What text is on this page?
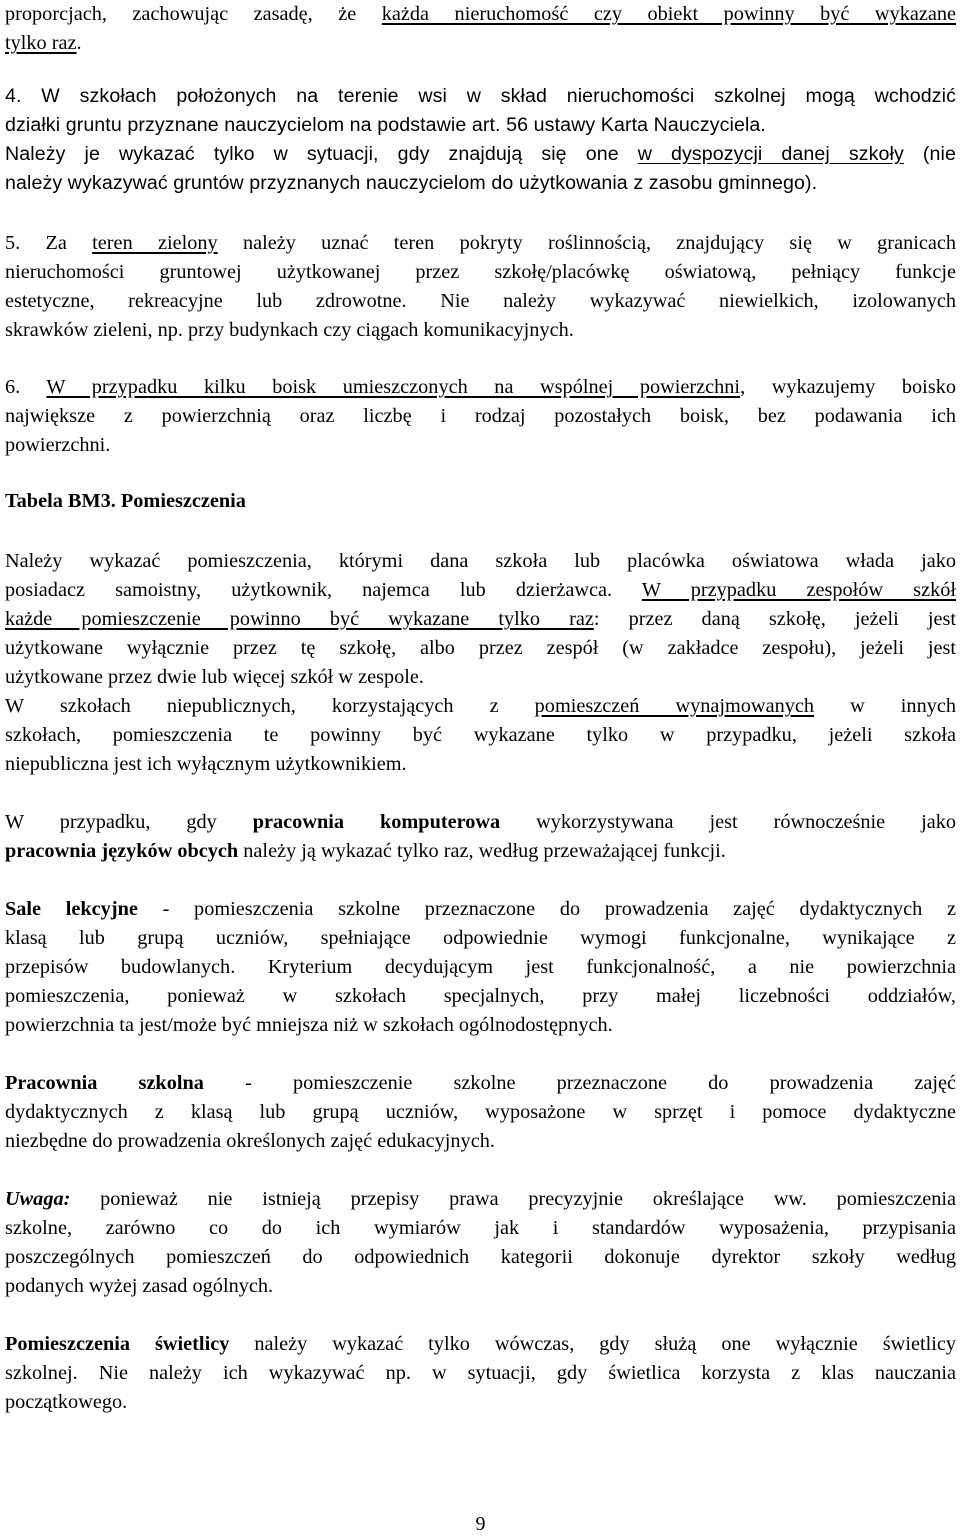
proporcjach, zachowując zasadę, że każda nieruchomość czy obiekt powinny być wykazane
tylko raz.
4. W szkołach położonych na terenie wsi w skład nieruchomości szkolnej mogą wchodzić
działki gruntu przyznane nauczycielom na podstawie art. 56 ustawy Karta Nauczyciela.
Należy je wykazać tylko w sytuacji, gdy znajdują się one w dyspozycji danej szkoły (nie
należy wykazywać gruntów przyznanych nauczycielom do użytkowania z zasobu gminnego).
5. Za teren zielony należy uznać teren pokryty roślinnością, znajdujący się w granicach
nieruchomości gruntowej użytkowanej przez szkołę/placówkę oświatową, pełniący funkcje
estetyczne, rekreacyjne lub zdrowotne. Nie należy wykazywać niewielkich, izolowanych
skrawków zieleni, np. przy budynkach czy ciągach komunikacyjnych.
6. W przypadku kilku boisk umieszczonych na wspólnej powierzchni, wykazujemy boisko
największe z powierzchnią oraz liczbę i rodzaj pozostałych boisk, bez podawania ich
powierzchni.
Tabela BM3. Pomieszczenia
Należy wykazać pomieszczenia, którymi dana szkoła lub placówka oświatowa włada jako
posiadacz samoistny, użytkownik, najemca lub dzierżawca. W przypadku zespołów szkół
każde pomieszczenie powinno być wykazane tylko raz: przez daną szkołę, jeżeli jest
użytkowane wyłącznie przez tę szkołę, albo przez zespół (w zakładce zespołu), jeżeli jest
użytkowane przez dwie lub więcej szkół w zespole.
W szkołach niepublicznych, korzystających z pomieszczeń wynajmowanych w innych
szkołach, pomieszczenia te powinny być wykazane tylko w przypadku, jeżeli szkoła
niepubliczna jest ich wyłącznym użytkownikiem.
W przypadku, gdy pracownia komputerowa wykorzystywana jest równocześnie jako
pracownia języków obcych należy ją wykazać tylko raz, według przeważającej funkcji.
Sale lekcyjne - pomieszczenia szkolne przeznaczone do prowadzenia zajęć dydaktycznych z
klasą lub grupą uczniów, spełniające odpowiednie wymogi funkcjonalne, wynikające z
przepisów budowlanych. Kryterium decydującym jest funkcjonalność, a nie powierzchnia
pomieszczenia, ponieważ w szkołach specjalnych, przy małej liczebności oddziałów,
powierzchnia ta jest/może być mniejsza niż w szkołach ogólnodostępnych.
Pracownia szkolna - pomieszczenie szkolne przeznaczone do prowadzenia zajęć
dydaktycznych z klasą lub grupą uczniów, wyposażone w sprzęt i pomoce dydaktyczne
niezbędne do prowadzenia określonych zajęć edukacyjnych.
Uwaga: ponieważ nie istnieją przepisy prawa precyzyjnie określające ww. pomieszczenia
szkolne, zarówno co do ich wymiarów jak i standardów wyposażenia, przypisania
poszczególnych pomieszczeń do odpowiednich kategorii dokonuje dyrektor szkoły według
podanych wyżej zasad ogólnych.
Pomieszczenia świetlicy należy wykazać tylko wówczas, gdy służą one wyłącznie świetlicy
szkolnej. Nie należy ich wykazywać np. w sytuacji, gdy świetlica korzysta z klas nauczania
początkowego.
9
